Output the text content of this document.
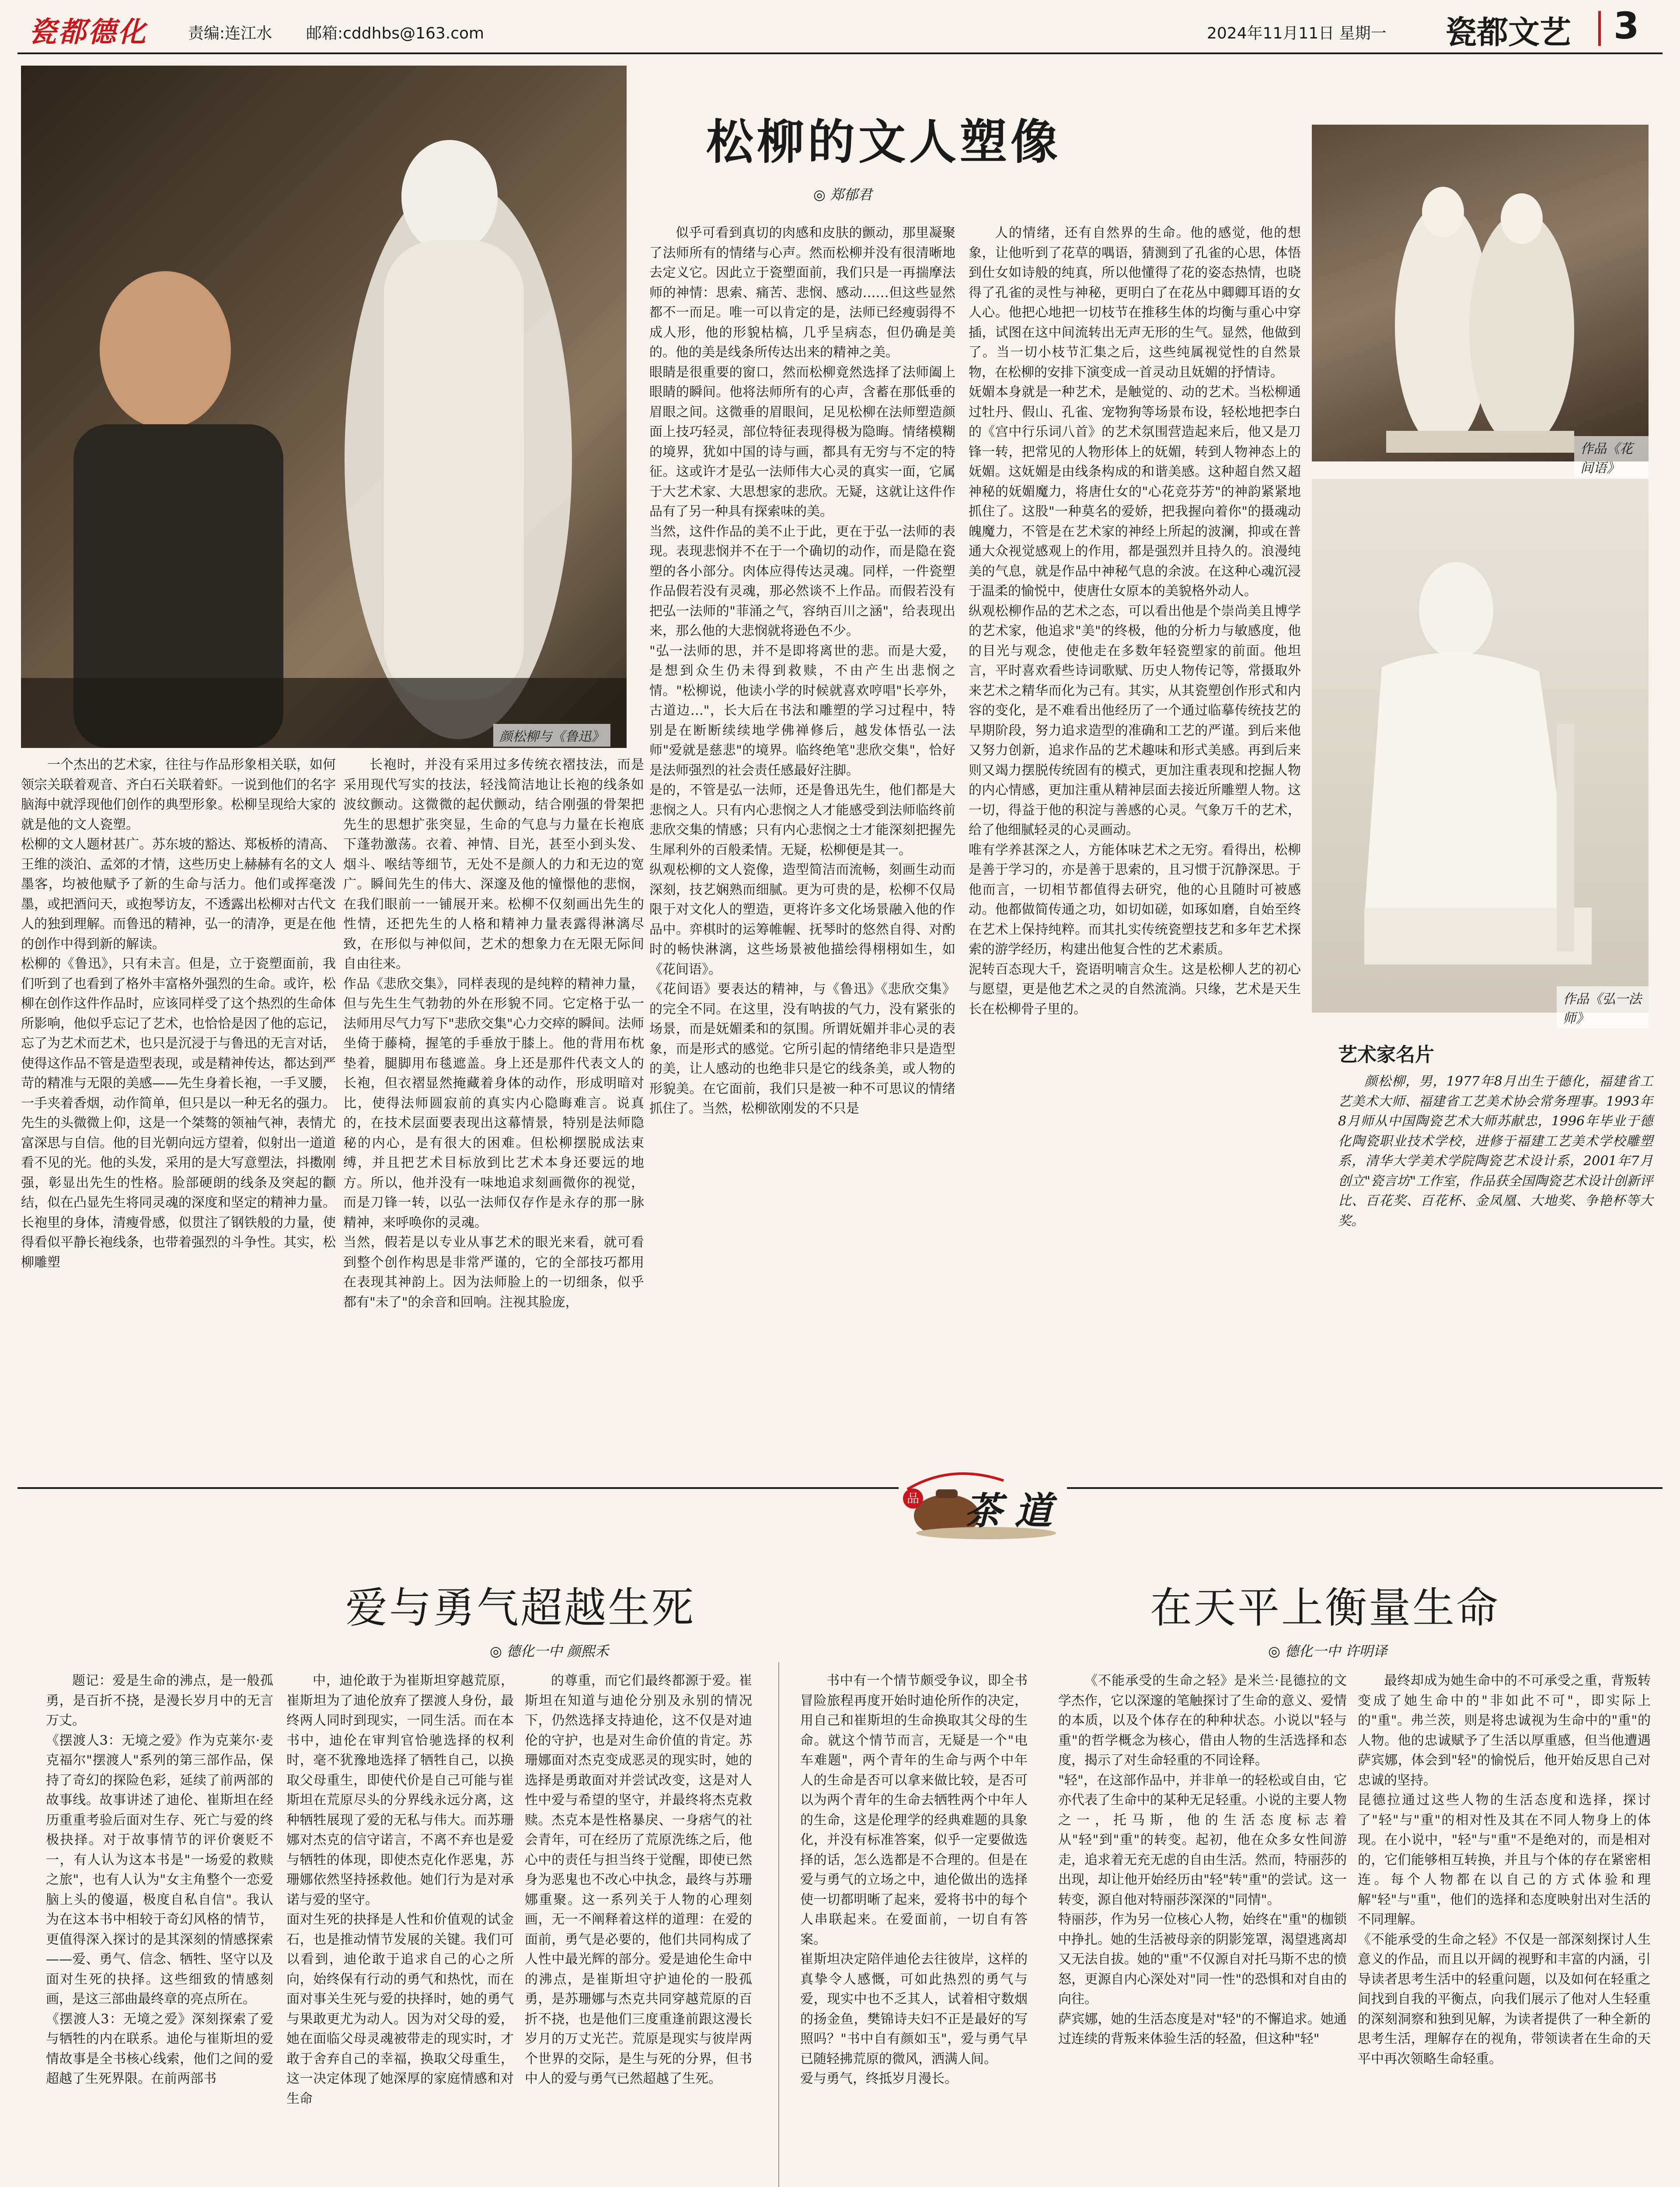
瓷都德化	责编:连江水 邮箱:cddhbs@163.com	2024年11月11日 星期一 瓷都文艺 3
颜松柳与《鲁迅》
松柳的文人塑像
◎ 郑郁君

一个杰出的艺术家，往往与作品形象相关联，如何领宗关联着观音、齐白石关联着虾。一说到他们的名字脑海中就浮现他们创作的典型形象。松柳呈现给大家的就是他的文人瓷塑。
松柳的文人题材甚广。苏东坡的豁达、郑板桥的清高、王维的淡泊、孟郊的才情，这些历史上赫赫有名的文人墨客，均被他赋予了新的生命与活力。他们或挥毫泼墨，或把酒问天，或抱琴访友，不透露出松柳对古代文人的独到理解。而鲁迅的精神，弘一的清净，更是在他的创作中得到新的解读。
松柳的《鲁迅》，只有未言。但是，立于瓷塑面前，我们听到了也看到了格外丰富格外强烈的生命。或许，松柳在创作这件作品时，应该同样受了这个热烈的生命体所影响，他似乎忘记了艺术，也恰恰是因了他的忘记，忘了为艺术而艺术，也只是沉浸于与鲁迅的无言对话，使得这作品不管是造型表现，或是精神传达，都达到严苛的精准与无限的美感——先生身着长袍，一手叉腰，一手夹着香烟，动作简单，但只是以一种无名的强力。先生的头微微上仰，这是一个桀骜的领袖气神，表情尤富深思与自信。他的目光朝向远方望着，似射出一道道看不见的光。他的头发，采用的是大写意塑法，抖擞刚强，彰显出先生的性格。脸部硬朗的线条及突起的颧结，似在凸显先生将同灵魂的深度和坚定的精神力量。长袍里的身体，清瘦骨感，似贯注了钢铁般的力量，使得看似平静长袍线条，也带着强烈的斗争性。其实，松柳雕塑

长袍时，并没有采用过多传统衣褶技法，而是采用现代写实的技法，轻浅简洁地让长袍的线条如波纹颤动。这微微的起伏颤动，结合刚强的骨架把先生的思想扩张突显，生命的气息与力量在长袍底下蓬勃激荡。衣着、神情、目光，甚至小到头发、烟斗、喉结等细节，无处不是颜人的力和无边的宽广。瞬间先生的伟大、深邃及他的憧憬他的悲悯，在我们眼前一一铺展开来。松柳不仅刻画出先生的性情，还把先生的人格和精神力量表露得淋漓尽致，在形似与神似间，艺术的想象力在无限无际间自由往来。
作品《悲欣交集》，同样表现的是纯粹的精神力量，但与先生生气勃勃的外在形貌不同。它定格于弘一法师用尽气力写下"悲欣交集"心力交瘁的瞬间。法师坐倚于藤椅，握笔的手垂放于膝上。他的背用布枕垫着，腿脚用布毯遮盖。身上还是那件代表文人的长袍，但衣褶显然掩藏着身体的动作，形成明暗对比，使得法师圆寂前的真实内心隐晦难言。说真的，在技术层面要表现出这幕情景，特别是法师隐秘的内心，是有很大的困难。但松柳摆脱成法束缚，并且把艺术目标放到比艺术本身还要远的地方。所以，他并没有一味地追求刻画微你的视觉，而是刀锋一转，以弘一法师仅存作是永存的那一脉精神，来呼唤你的灵魂。
当然，假若是以专业从事艺术的眼光来看，就可看到整个创作构思是非常严谨的，它的全部技巧都用在表现其神韵上。因为法师脸上的一切细条，似乎都有"未了"的余音和回响。注视其脸庞，

似乎可看到真切的肉感和皮肤的颤动，那里凝聚了法师所有的情绪与心声。然而松柳并没有很清晰地去定义它。因此立于瓷塑面前，我们只是一再揣摩法师的神情：思索、痛苦、悲悯、感动……但这些显然都不一而足。唯一可以肯定的是，法师已经瘦弱得不成人形，他的形貌枯槁，几乎呈病态，但仍确是美的。他的美是线条所传达出来的精神之美。
眼睛是很重要的窗口，然而松柳竟然选择了法师阖上眼睛的瞬间。他将法师所有的心声，含蓄在那低垂的眉眼之间。这微垂的眉眼间，足见松柳在法师塑造颜面上技巧轻灵，部位特征表现得极为隐晦。情绪模糊的境界，犹如中国的诗与画，都具有无穷与不定的特征。这或许才是弘一法师伟大心灵的真实一面，它属于大艺术家、大思想家的悲欣。无疑，这就让这件作品有了另一种具有探索味的美。
当然，这件作品的美不止于此，更在于弘一法师的表现。表现悲悯并不在于一个确切的动作，而是隐在瓷塑的各小部分。肉体应得传达灵魂。同样，一件瓷塑作品假若没有灵魂，那必然谈不上作品。而假若没有把弘一法师的"菲涌之气，容纳百川之涵"，给表现出来，那么他的大悲悯就将逊色不少。
"弘一法师的思，并不是即将离世的悲。而是大爱，是想到众生仍未得到救赎，不由产生出悲悯之情。"松柳说，他读小学的时候就喜欢哼唱"长亭外，古道边…"，长大后在书法和雕塑的学习过程中，特别是在断断续续地学佛禅修后，越发体悟弘一法师"爱就是慈悲"的境界。临终绝笔"悲欣交集"，恰好是法师强烈的社会责任感最好注脚。
是的，不管是弘一法师，还是鲁迅先生，他们都是大悲悯之人。只有内心悲悯之人才能感受到法师临终前悲欣交集的情感；只有内心悲悯之士才能深刻把握先生犀利外的百般柔情。无疑，松柳便是其一。
纵观松柳的文人瓷像，造型简洁而流畅，刻画生动而深刻，技艺娴熟而细腻。更为可贵的是，松柳不仅局限于对文化人的塑造，更将许多文化场景融入他的作品中。弈棋时的运筹帷幄、抚琴时的悠然自得、对酌时的畅快淋漓，这些场景被他描绘得栩栩如生，如《花间语》。
《花间语》要表达的精神，与《鲁迅》《悲欣交集》的完全不同。在这里，没有呐拔的气力，没有紧张的场景，而是妩媚柔和的氛围。所谓妩媚并非心灵的表象，而是形式的感觉。它所引起的情绪绝非只是造型的美，让人感动的也绝非只是它的线条美，或人物的形貌美。在它面前，我们只是被一种不可思议的情绪抓住了。当然，松柳欲刚发的不只是

人的情绪，还有自然界的生命。他的感觉，他的想象，让他听到了花草的喁语，猜测到了孔雀的心思，体悟到仕女如诗般的纯真，所以他懂得了花的姿态热情，也晓得了孔雀的灵性与神秘，更明白了在花丛中卿卿耳语的女人心。他把心地把一切枝节在推移生体的均衡与重心中穿插，试图在这中间流转出无声无形的生气。显然，他做到了。当一切小枝节汇集之后，这些纯属视觉性的自然景物，在松柳的安排下演变成一首灵动且妩媚的抒情诗。
妩媚本身就是一种艺术，是触觉的、动的艺术。当松柳通过牡丹、假山、孔雀、宠物狗等场景布设，轻松地把李白的《宫中行乐词八首》的艺术氛围营造起来后，他又是刀锋一转，把常见的人物形体上的妩媚，转到人物神态上的妩媚。这妩媚是由线条构成的和谐美感。这种超自然又超神秘的妩媚魔力，将唐仕女的"心花竞芬芳"的神韵紧紧地抓住了。这股"一种莫名的爱娇，把我握向着你"的摄魂动魄魔力，不管是在艺术家的神经上所起的波澜，抑或在普通大众视觉感观上的作用，都是强烈并且持久的。浪漫纯美的气息，就是作品中神秘气息的余波。在这种心魂沉浸于温柔的愉悦中，使唐仕女原本的美貌格外动人。
纵观松柳作品的艺术之态，可以看出他是个崇尚美且博学的艺术家，他追求"美"的终极，他的分析力与敏感度，他的目光与观念，使他走在多数年轻瓷塑家的前面。他坦言，平时喜欢看些诗词歌赋、历史人物传记等，常摄取外来艺术之精华而化为己有。其实，从其瓷塑创作形式和内容的变化，是不难看出他经历了一个通过临摹传统技艺的早期阶段，努力追求造型的准确和工艺的严谨。到后来他又努力创新，追求作品的艺术趣味和形式美感。再到后来则又竭力摆脱传统固有的模式，更加注重表现和挖掘人物的内心情感，更加注重从精神层面去接近所雕塑人物。这一切，得益于他的积淀与善感的心灵。气象万千的艺术，给了他细腻轻灵的心灵画动。
唯有学养甚深之人，方能体味艺术之无穷。看得出，松柳是善于学习的，亦是善于思索的，且习惯于沉静深思。于他而言，一切相节都值得去研究，他的心且随时可被感动。他都做简传通之功，如切如磋，如琢如磨，自始至终在艺术上保持纯粹。而其扎实传统瓷塑技艺和多年艺术探索的游学经历，构建出他复合性的艺术素质。
泥转百态现大千，瓷语明喃言众生。这是松柳人艺的初心与愿望，更是他艺术之灵的自然流淌。只缘，艺术是天生长在松柳骨子里的。

作品《花间语》
作品《弘一法师》
艺术家名片

颜松柳，男，1977年8月出生于德化，福建省工艺美术大师、福建省工艺美术协会常务理事。1993年8月师从中国陶瓷艺术大师苏献忠，1996年毕业于德化陶瓷职业技术学校，进修于福建工艺美术学校雕塑系，清华大学美术学院陶瓷艺术设计系，2001年7月创立"瓷言坊"工作室，作品获全国陶瓷艺术设计创新评比、百花奖、百花杯、金凤凰、大地奖、争艳杯等大奖。

品 茶 道
爱与勇气超越生死
◎ 德化一中 颜熙禾

题记：爱是生命的沸点，是一般孤勇，是百折不挠，是漫长岁月中的无言万丈。
《摆渡人3：无境之爱》作为克莱尔·麦克福尔"摆渡人"系列的第三部作品，保持了奇幻的探险色彩，延续了前两部的故事线。故事讲述了迪伦、崔斯坦在经历重重考验后面对生存、死亡与爱的终极抉择。对于故事情节的评价褒贬不一，有人认为这本书是"一场爱的救赎之旅"，也有人认为"女主角整个一恋爱脑上头的傻逼，极度自私自信"。我认为在这本书中相较于奇幻风格的情节，更值得深入探讨的是其深刻的情感探索——爱、勇气、信念、牺牲、坚守以及面对生死的抉择。这些细致的情感刻画，是这三部曲最终章的亮点所在。
《摆渡人3：无境之爱》深刻探索了爱与牺牲的内在联系。迪伦与崔斯坦的爱情故事是全书核心线索，他们之间的爱超越了生死界限。在前两部书

中，迪伦敢于为崔斯坦穿越荒原，崔斯坦为了迪伦放弃了摆渡人身份，最终两人同时到现实，一同生活。而在本书中，迪伦在审判官恰驰选择的权利时，毫不犹豫地选择了牺牲自己，以换取父母重生，即使代价是自己可能与崔斯坦在荒原尽头的分界线永远分离，这种牺牲展现了爱的无私与伟大。而苏珊娜对杰克的信守诺言，不离不弃也是爱与牺牲的体现，即使杰克化作恶鬼，苏珊娜依然坚持拯救他。她们行为是对承诺与爱的坚守。
面对生死的抉择是人性和价值观的试金石，也是推动情节发展的关键。我们可以看到，迪伦敢于追求自己的心之所向，始终保有行动的勇气和热忱，而在面对事关生死与爱的抉择时，她的勇气与果敢更尤为动人。因为对父母的爱，她在面临父母灵魂被带走的现实时，才敢于舍弃自己的幸福，换取父母重生，这一决定体现了她深厚的家庭情感和对生命

的尊重，而它们最终都源于爱。崔斯坦在知道与迪伦分别及永别的情况下，仍然选择支持迪伦，这不仅是对迪伦的守护，也是对生命价值的肯定。苏珊娜面对杰克变成恶灵的现实时，她的选择是勇敢面对并尝试改变，这是对人性中爱与希望的坚守，并最终将杰克救赎。杰克本是性格暴戾、一身痞气的社会青年，可在经历了荒原洗练之后，他心中的责任与担当终于觉醒，即使已然身为恶鬼也不改心中执念，最终与苏珊娜重聚。这一系列关于人物的心理刻画，无一不阐释着这样的道理：在爱的面前，勇气是必要的，他们共同构成了人性中最光辉的部分。爱是迪伦生命中的沸点，是崔斯坦守护迪伦的一股孤勇，是苏珊娜与杰克共同穿越荒原的百折不挠，也是他们三度重逢前跟这漫长岁月的万丈光芒。荒原是现实与彼岸两个世界的交际，是生与死的分界，但书中人的爱与勇气已然超越了生死。

书中有一个情节颇受争议，即全书冒险旅程再度开始时迪伦所作的决定，用自己和崔斯坦的生命换取其父母的生命。就这个情节而言，无疑是一个"电车难题"，两个青年的生命与两个中年人的生命是否可以拿来做比较，是否可以为两个青年的生命去牺牲两个中年人的生命，这是伦理学的经典难题的具象化，并没有标准答案，似乎一定要做选择的话，怎么选都是不合理的。但是在爱与勇气的立场之中，迪伦做出的选择使一切都明晰了起来，爱将书中的每个人串联起来。在爱面前，一切自有答案。
崔斯坦决定陪伴迪伦去往彼岸，这样的真挚令人感慨，可如此热烈的勇气与爱，现实中也不乏其人，试着相守数烟的扬金鱼，樊锦诗夫妇不正是最好的写照吗？"书中自有颜如玉"，爱与勇气早已随轻拂荒原的微风，洒满人间。
爱与勇气，终抵岁月漫长。

在天平上衡量生命
◎ 德化一中 许明译

《不能承受的生命之轻》是米兰·昆德拉的文学杰作，它以深邃的笔触探讨了生命的意义、爱情的本质，以及个体存在的种种状态。小说以"轻与重"的哲学概念为核心，借由人物的生活选择和态度，揭示了对生命轻重的不同诠释。
"轻"，在这部作品中，并非单一的轻松或自由，它亦代表了生命中的某种无足轻重。小说的主要人物之一，托马斯，他的生活态度标志着从"轻"到"重"的转变。起初，他在众多女性间游走，追求着无充无虑的自由生活。然而，特丽莎的出现，却让他开始经历由"轻"转"重"的尝试。这一转变，源自他对特丽莎深深的"同情"。
特丽莎，作为另一位核心人物，始终在"重"的枷锁中挣扎。她的生活被母亲的阴影笼罩，渴望逃离却又无法自拔。她的"重"不仅源自对托马斯不忠的愤怒，更源自内心深处对"同一性"的恐惧和对自由的向往。
萨宾娜，她的生活态度是对"轻"的不懈追求。她通过连续的背叛来体验生活的轻盈，但这种"轻"

最终却成为她生命中的不可承受之重，背叛转变成了她生命中的"非如此不可"，即实际上的"重"。弗兰茨，则是将忠诚视为生命中的"重"的人物。他的忠诚赋予了生活以厚重感，但当他遭遇萨宾娜，体会到"轻"的愉悦后，他开始反思自己对忠诚的坚持。
昆德拉通过这些人物的生活态度和选择，探讨了"轻"与"重"的相对性及其在不同人物身上的体现。在小说中，"轻"与"重"不是绝对的，而是相对的，它们能够相互转换，并且与个体的存在紧密相连。每个人物都在以自己的方式体验和理解"轻"与"重"，他们的选择和态度映射出对生活的不同理解。
《不能承受的生命之轻》不仅是一部深刻探讨人生意义的作品，而且以开阔的视野和丰富的内涵，引导读者思考生活中的轻重问题，以及如何在轻重之间找到自我的平衡点，向我们展示了他对人生轻重的深刻洞察和独到见解，为读者提供了一种全新的思考生活，理解存在的视角，带领读者在生命的天平中再次领略生命轻重。
